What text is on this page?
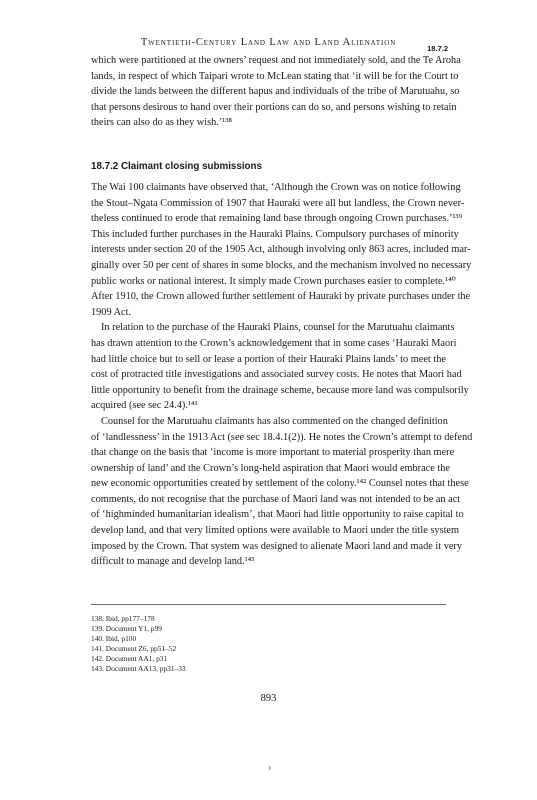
Twentieth-Century Land Law and Land Alienation
18.7.2
which were partitioned at the owners’ request and not immediately sold, and the Te Aroha
lands, in respect of which Taipari wrote to McLean stating that ‘it will be for the Court to
divide the lands between the different hapus and individuals of the tribe of Marutuahu, so
that persons desirous to hand over their portions can do so, and persons wishing to retain
theirs can also do as they wish.’¹³⁸
18.7.2 Claimant closing submissions
The Wai 100 claimants have observed that, ‘Although the Crown was on notice following
the Stout–Ngata Commission of 1907 that Hauraki were all but landless, the Crown never-
theless continued to erode that remaining land base through ongoing Crown purchases.’¹³⁹
This included further purchases in the Hauraki Plains. Compulsory purchases of minority
interests under section 20 of the 1905 Act, although involving only 863 acres, included mar-
ginally over 50 per cent of shares in some blocks, and the mechanism involved no necessary
public works or national interest. It simply made Crown purchases easier to complete.¹⁴⁰
After 1910, the Crown allowed further settlement of Hauraki by private purchases under the
1909 Act.
In relation to the purchase of the Hauraki Plains, counsel for the Marutuahu claimants
has drawn attention to the Crown’s acknowledgement that in some cases ‘Hauraki Maori
had little choice but to sell or lease a portion of their Hauraki Plains lands’ to meet the
cost of protracted title investigations and associated survey costs. He notes that Maori had
little opportunity to benefit from the drainage scheme, because more land was compulsorily
acquired (see sec 24.4).¹⁴¹
Counsel for the Marutuahu claimants has also commented on the changed definition
of ‘landlessness’ in the 1913 Act (see sec 18.4.1(2)). He notes the Crown’s attempt to defend
that change on the basis that ‘income is more important to material prosperity than mere
ownership of land’ and the Crown’s long-held aspiration that Maori would embrace the
new economic opportunities created by settlement of the colony.¹⁴² Counsel notes that these
comments, do not recognise that the purchase of Maori land was not intended to be an act
of ‘highminded humanitarian idealism’, that Maori had little opportunity to raise capital to
develop land, and that very limited options were available to Maori under the title system
imposed by the Crown. That system was designed to alienate Maori land and made it very
difficult to manage and develop land.¹⁴³
138. Ibid, pp177–178
139. Document Y1, p99
140. Ibid, p100
141. Document Z6, pp51–52
142. Document AA1, p31
143. Document AA13, pp31–33
893
